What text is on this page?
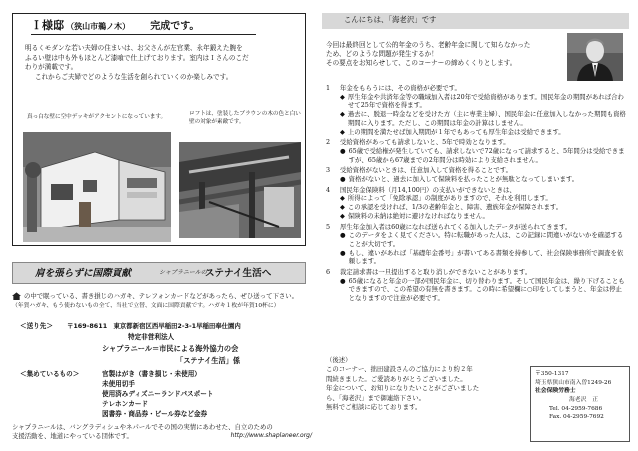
Ｉ様邸 （狭山市鵜ノ木） 完成です。
明るくモダンな若い夫婦の住まいは、お父さんが左官業、永年鍛えた腕を
ふるい壁は中も外もほとんど漆喰で仕上げております。室内はＩさんのこだ
わりが満載です。
これからご夫婦でどのような生活を創られていくのか楽しみです。
真っ白な壁に空中デッキがアクセントになっています。	ロフトは、塗装したブラウンの木の色と白い壁の対象が素敵です。
肩を張らずに国際貢献	シャプラニールの
ステナイ生活へ
の中で眠っている、書き損じのハガキ、テレフォンカードなどがあったら、ぜひ送って下さい。
（年賀ハガキ、もう使わないもの全て、当社で立替、文面に国際貢献です。ハガキ１枚が年賀10杯に）
＜送り先＞ 〒169-8611　東京都新宿区西早稲田2-3-1早稲田奉仕園内
特定非営利法人
シャプラニール＝市民による海外協力の会
「ステナイ生活」係
＜集めているもの＞	官製はがき（書き損じ・未使用）
未使用切手
使用済みディズニーランドパスポート
テレホンカード
図書券・商品券・ビール券など金券
シャプラニールは、バングラディシュやネパールでその国の実情にあわせた、自立のための
支援活動を、地道にやっている団体です。	http://www.shaplaneer.org/
こんにちは、「海老沢」です
今回は最終回として公的年金のうち、老齢年金に関して知らなかった
ため、どのような問題が発生するか！
その要点をお知らせして、このコーナーの締めくくりとします。
1	年金をもらうには、その資格が必要です。
◆ 厚生年金や共済年金等の職域加入者は20年で受給資格があります。国民年金の期間があれば合わせて25年で資格を得ます。
◆ 過去に、脱退一時金などを受けた方（主に専業主婦）、国民年金に任意加入しなかった期間も資格期間に入ります。ただし、この期間は年金の計算はしません。
◆ 上の期間を満たせば加入期間が１年でもあっても厚生年金は受給できます。
2	受給資格があっても請求しないと、5年で時効となります。
● 65歳で受給権が発生していても、請求しないで72歳になって請求すると、5年間分は受給できますが、65歳から67歳までの2年間分は時効により支給されません。
3	受給資格がないときは、任意加入して資格を得ることです。
● 資格がないと、過去に加入して保険料を払ったことが無駄となってしまいます。
4	国民年金保険料（月14,100円）の支払いができないときは、
◆ 所得によって「免除承認」の制度がありますので、それを利用します。
◆ この承認を受ければ、1/3の老齢年金と、障害、遺族年金が保障されます。
◆ 保険料の未納は絶対に避けなければなりません。
5	厚生年金加入者は60歳になれば送られてくる加入したデータが送られてきます。
● このデータをよく見てください。特に転職があった人は、この記録に間違いがないかを確認することが大切です。
● もし、違いがあれば「基礎年金番号」が書いてある書類を持参して、社会保険事務所で調査を依頼します。
6	裁定請求書は一旦提出すると取り消しができないことがあります。
● 65歳になると年金の一部が国民年金に、切り替わります。そして国民年金は、繰り下げることもできますので、この希望の有無を書きます。この時に希望欄に○印をしてしまうと、年金は停止となりますので注意が必要です。
（後述）
このコーナー、拙田建設さんのご協力により約２年
間続きました。ご愛読ありがとうございました。
年金について、お知りになりたいことがございました
ら、「海老沢」まで御連絡下さい。
無料でご相談に応じております。
〒350-1317
埼玉県狭山市南入曽1249-26
社会保険労務士
海老沢　正
Tel. 04-2959-7686
Fax. 04-2959-7692
